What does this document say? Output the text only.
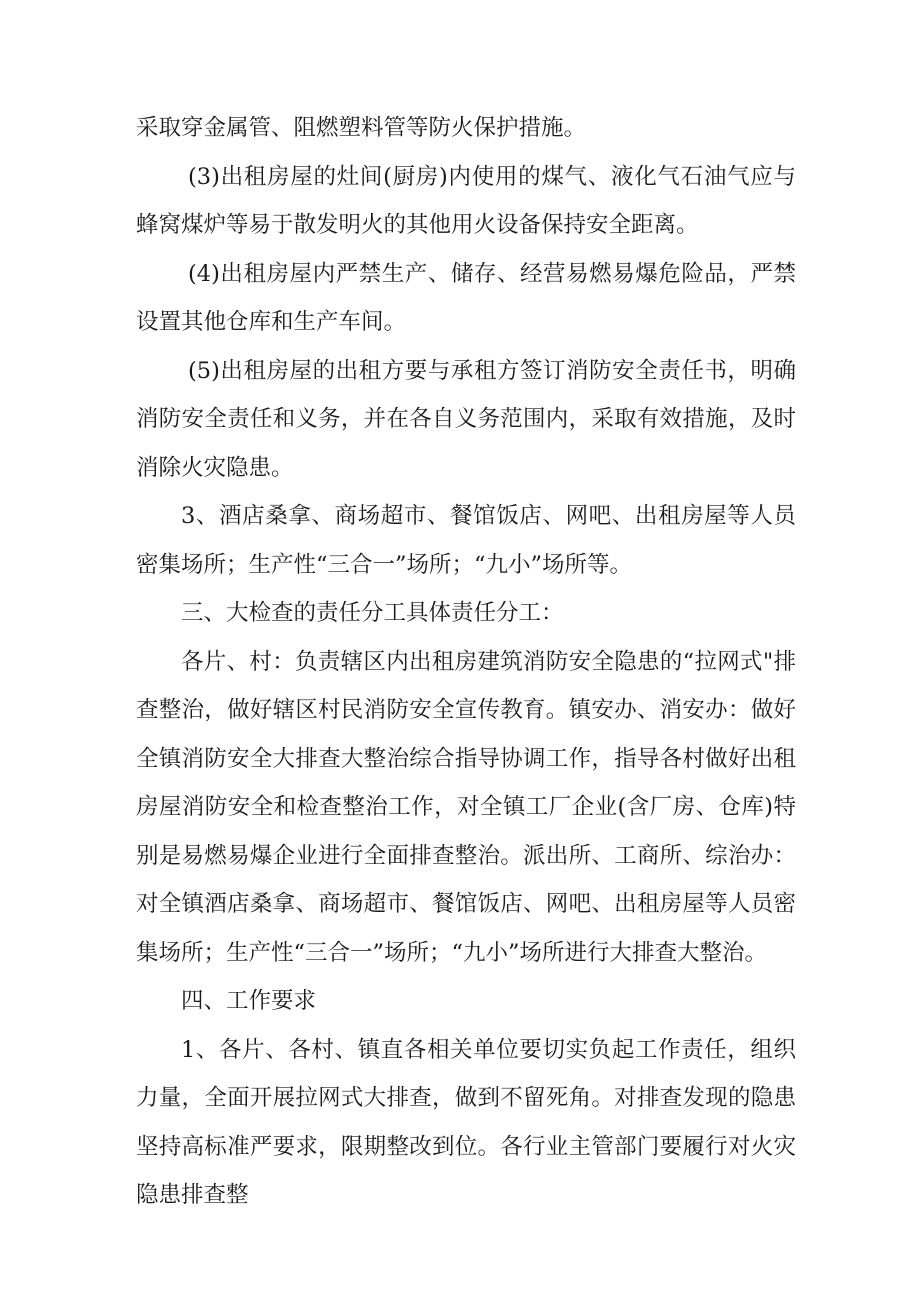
采取穿金属管、阻燃塑料管等防火保护措施。

(3)出租房屋的灶间(厨房)内使用的煤气、液化气石油气应与蜂窝煤炉等易于散发明火的其他用火设备保持安全距离。

(4)出租房屋内严禁生产、储存、经营易燃易爆危险品，严禁设置其他仓库和生产车间。

(5)出租房屋的出租方要与承租方签订消防安全责任书，明确消防安全责任和义务，并在各自义务范围内，采取有效措施，及时消除火灾隐患。

3、酒店桑拿、商场超市、餐馆饭店、网吧、出租房屋等人员密集场所；生产性“三合一”场所；“九小”场所等。

三、大检查的责任分工具体责任分工：

各片、村：负责辖区内出租房建筑消防安全隐患的“拉网式"排查整治，做好辖区村民消防安全宣传教育。镇安办、消安办：做好全镇消防安全大排查大整治综合指导协调工作，指导各村做好出租房屋消防安全和检查整治工作，对全镇工厂企业(含厂房、仓库)特别是易燃易爆企业进行全面排查整治。派出所、工商所、综治办：对全镇酒店桑拿、商场超市、餐馆饭店、网吧、出租房屋等人员密集场所；生产性“三合一”场所；“九小”场所进行大排查大整治。

四、工作要求

1、各片、各村、镇直各相关单位要切实负起工作责任，组织力量，全面开展拉网式大排查，做到不留死角。对排查发现的隐患坚持高标准严要求，限期整改到位。各行业主管部门要履行对火灾隐患排查整
